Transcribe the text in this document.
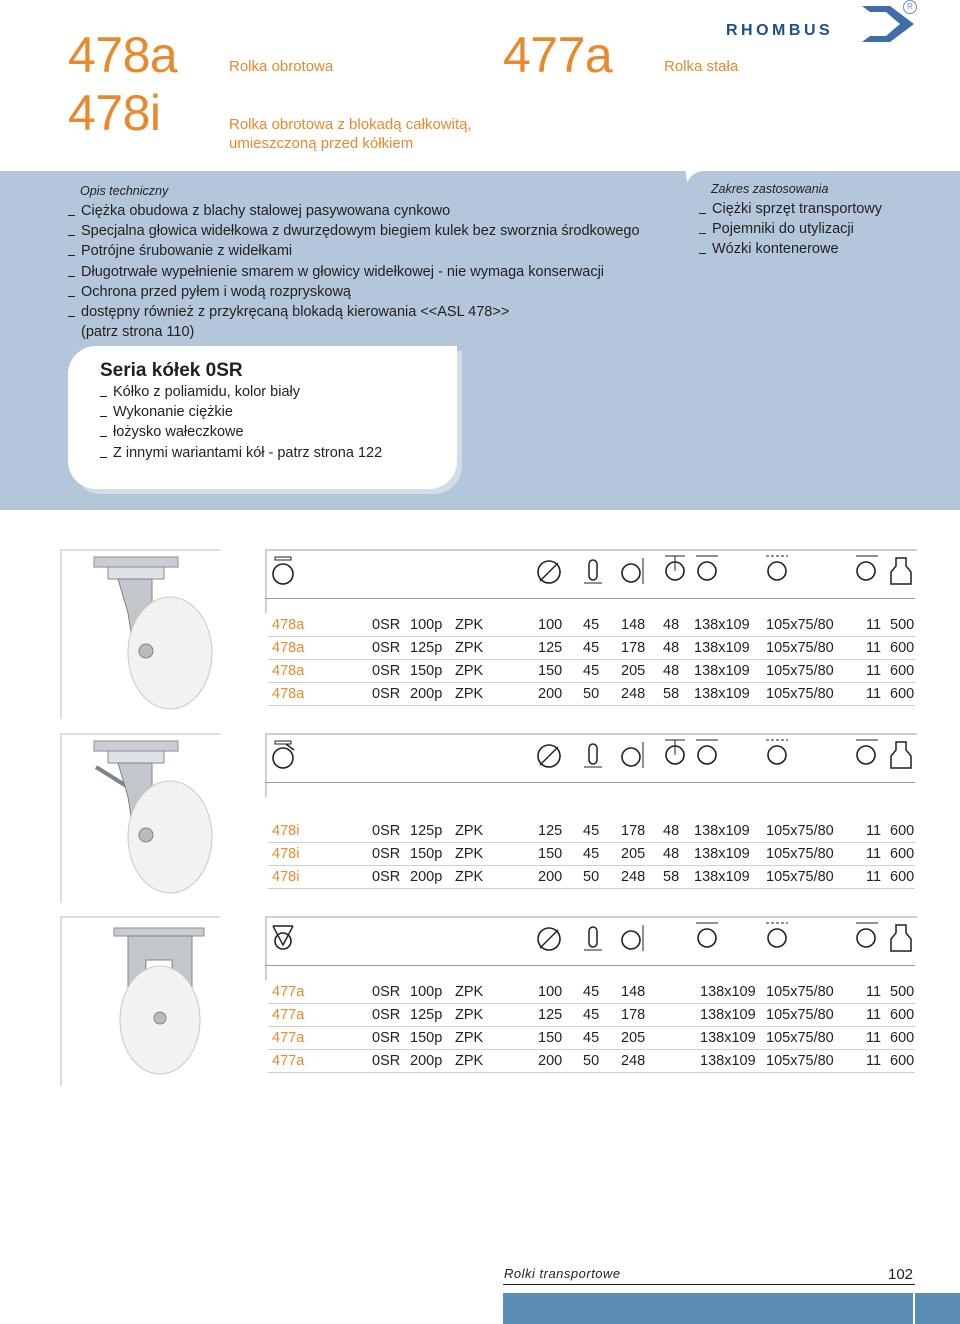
478a
478i
477a
Rolka obrotowa
Rolka obrotowa z blokadą całkowitą,
umieszczoną przed kółkiem
Rolka stała
RHOMBUS
R
Opis techniczny
Ciężka obudowa z blachy stalowej pasywowana cynkowo
Specjalna głowica widełkowa z dwurzędowym biegiem kulek bez sworznia środkowego
Potrójne śrubowanie z widełkami
Długotrwałe wypełnienie smarem w głowicy widełkowej - nie wymaga konserwacji
Ochrona przed pyłem i wodą rozpryskową
dostępny również z przykręcaną blokadą kierowania <<ASL 478>>
(patrz strona 110)
Zakres zastosowania
Ciężki sprzęt transportowy
Pojemniki do utylizacji
Wózki kontenerowe
Seria kółek 0SR
Kółko z poliamidu, kolor biały
Wykonanie ciężkie
łożysko wałeczkowe
Z innymi wariantami kół - patrz strona 122
478a	0SR 100p ZPK	100 45 148 48 138x109 105x75/80 11 500
478a	0SR 125p ZPK	125 45 178 48 138x109 105x75/80 11 600
478a	0SR 150p ZPK	150 45 205 48 138x109 105x75/80 11 600
478a	0SR 200p ZPK	200 50 248 58 138x109 105x75/80 11 600
478i	0SR 125p ZPK	125 45 178 48 138x109 105x75/80 11 600
478i	0SR 150p ZPK	150 45 205 48 138x109 105x75/80 11 600
478i	0SR 200p ZPK	200 50 248 58 138x109 105x75/80 11 600
477a	0SR 100p ZPK	100 45 148	138x109 105x75/80 11 500
477a	0SR 125p ZPK	125 45 178	138x109 105x75/80 11 600
477a	0SR 150p ZPK	150 45 205	138x109 105x75/80 11 600
477a	0SR 200p ZPK	200 50 248	138x109 105x75/80 11 600
Rolki transportowe	102
